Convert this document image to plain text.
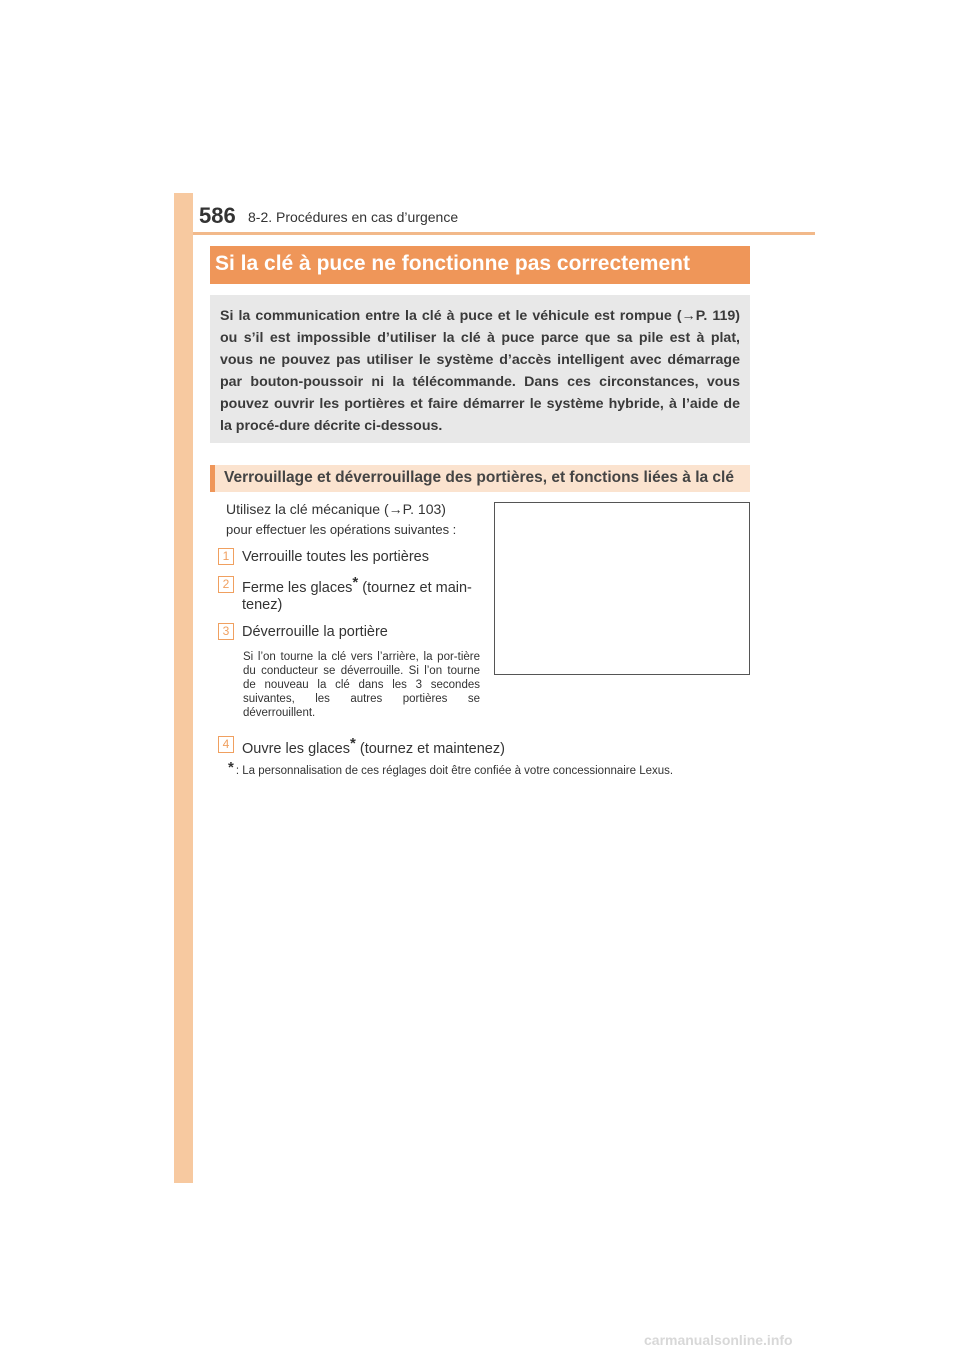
586 8-2. Procédures en cas d’urgence
Si la clé à puce ne fonctionne pas correctement
Si la communication entre la clé à puce et le véhicule est rompue (→P. 119) ou s’il est impossible d’utiliser la clé à puce parce que sa pile est à plat, vous ne pouvez pas utiliser le système d’accès intelligent avec démarrage par bouton-poussoir ni la télécommande. Dans ces circonstances, vous pouvez ouvrir les portières et faire démarrer le système hybride, à l’aide de la procé-dure décrite ci-dessous.
Verrouillage et déverrouillage des portières, et fonctions liées à la clé
Utilisez la clé mécanique (→P. 103)
pour effectuer les opérations suivantes :
1 Verrouille toutes les portières
2 Ferme les glaces* (tournez et main-
tenez)
3 Déverrouille la portière
Si l’on tourne la clé vers l’arrière, la por-tière du conducteur se déverrouille. Si l’on tourne de nouveau la clé dans les 3 secondes suivantes, les autres portières se déverrouillent.
4 Ouvre les glaces* (tournez et maintenez)
* : La personnalisation de ces réglages doit être confiée à votre concessionnaire Lexus.
carmanualsonline.info
